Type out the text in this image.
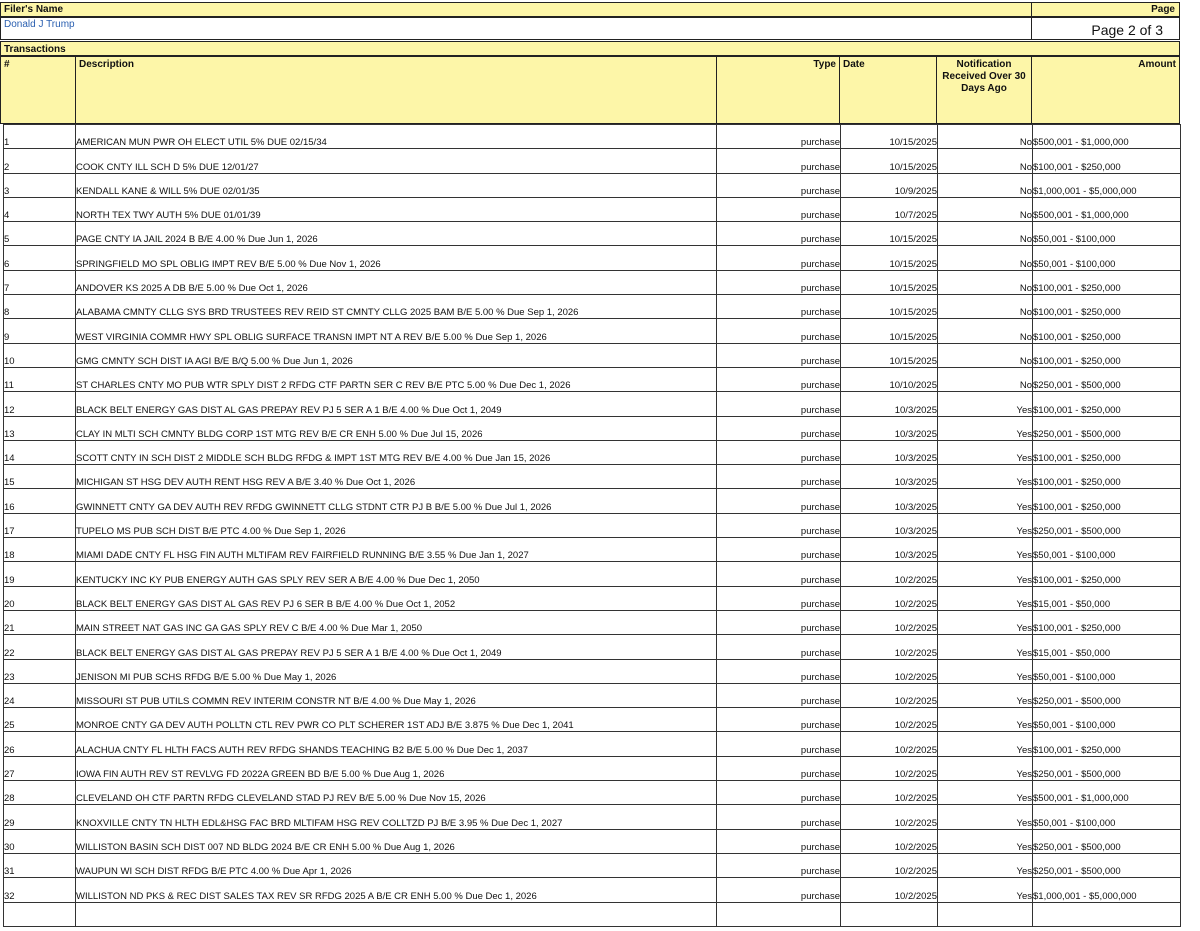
Filer's Name
Donald J Trump
Page
Page 2 of 3
Transactions
#	Description	Type Date	Notification Received Over 30 Days Ago
Amount
1	AMERICAN MUN PWR OH ELECT UTIL 5% DUE 02/15/34	purchase	10/15/2025	No	$500,001 - $1,000,000
2	COOK CNTY ILL SCH D 5% DUE 12/01/27	purchase	10/15/2025	No	$100,001 - $250,000
3	KENDALL KANE & WILL 5% DUE 02/01/35	purchase	10/9/2025	No	$1,000,001 - $5,000,000
4	NORTH TEX TWY AUTH 5% DUE 01/01/39	purchase	10/7/2025	No	$500,001 - $1,000,000
5	PAGE CNTY IA JAIL 2024 B B/E 4.00 % Due Jun 1, 2026	purchase	10/15/2025	No	$50,001 - $100,000
6	SPRINGFIELD MO SPL OBLIG IMPT REV B/E 5.00 % Due Nov 1, 2026	purchase	10/15/2025	No	$50,001 - $100,000
7	ANDOVER KS 2025 A DB B/E 5.00 % Due Oct 1, 2026	purchase	10/15/2025	No	$100,001 - $250,000
8	ALABAMA CMNTY CLLG SYS BRD TRUSTEES REV REID ST CMNTY CLLG 2025 BAM B/E 5.00 % Due Sep 1, 2026	purchase	10/15/2025	No	$100,001 - $250,000
9	WEST VIRGINIA COMMR HWY SPL OBLIG SURFACE TRANSN IMPT NT A REV B/E 5.00 % Due Sep 1, 2026	purchase	10/15/2025	No	$100,001 - $250,000
10	GMG CMNTY SCH DIST IA AGI B/E B/Q 5.00 % Due Jun 1, 2026	purchase	10/15/2025	No	$100,001 - $250,000
11	ST CHARLES CNTY MO PUB WTR SPLY DIST 2 RFDG CTF PARTN SER C REV B/E PTC 5.00 % Due Dec 1, 2026	purchase	10/10/2025	No	$250,001 - $500,000
12	BLACK BELT ENERGY GAS DIST AL GAS PREPAY REV PJ 5 SER A 1 B/E 4.00 % Due Oct 1, 2049	purchase	10/3/2025	Yes	$100,001 - $250,000
13	CLAY IN MLTI SCH CMNTY BLDG CORP 1ST MTG REV B/E CR ENH 5.00 % Due Jul 15, 2026	purchase	10/3/2025	Yes	$250,001 - $500,000
14	SCOTT CNTY IN SCH DIST 2 MIDDLE SCH BLDG RFDG & IMPT 1ST MTG REV B/E 4.00 % Due Jan 15, 2026	purchase	10/3/2025	Yes	$100,001 - $250,000
15	MICHIGAN ST HSG DEV AUTH RENT HSG REV A B/E 3.40 % Due Oct 1, 2026	purchase	10/3/2025	Yes	$100,001 - $250,000
16	GWINNETT CNTY GA DEV AUTH REV RFDG GWINNETT CLLG STDNT CTR PJ B B/E 5.00 % Due Jul 1, 2026	purchase	10/3/2025	Yes	$100,001 - $250,000
17	TUPELO MS PUB SCH DIST B/E PTC 4.00 % Due Sep 1, 2026	purchase	10/3/2025	Yes	$250,001 - $500,000
18	MIAMI DADE CNTY FL HSG FIN AUTH MLTIFAM REV FAIRFIELD RUNNING B/E 3.55 % Due Jan 1, 2027	purchase	10/3/2025	Yes	$50,001 - $100,000
19	KENTUCKY INC KY PUB ENERGY AUTH GAS SPLY REV SER A B/E 4.00 % Due Dec 1, 2050	purchase	10/2/2025	Yes	$100,001 - $250,000
20	BLACK BELT ENERGY GAS DIST AL GAS REV PJ 6 SER B B/E 4.00 % Due Oct 1, 2052	purchase	10/2/2025	Yes	$15,001 - $50,000
21	MAIN STREET NAT GAS INC GA GAS SPLY REV C B/E 4.00 % Due Mar 1, 2050	purchase	10/2/2025	Yes	$100,001 - $250,000
22	BLACK BELT ENERGY GAS DIST AL GAS PREPAY REV PJ 5 SER A 1 B/E 4.00 % Due Oct 1, 2049	purchase	10/2/2025	Yes	$15,001 - $50,000
23	JENISON MI PUB SCHS RFDG B/E 5.00 % Due May 1, 2026	purchase	10/2/2025	Yes	$50,001 - $100,000
24	MISSOURI ST PUB UTILS COMMN REV INTERIM CONSTR NT B/E 4.00 % Due May 1, 2026	purchase	10/2/2025	Yes	$250,001 - $500,000
25	MONROE CNTY GA DEV AUTH POLLTN CTL REV PWR CO PLT SCHERER 1ST ADJ B/E 3.875 % Due Dec 1, 2041	purchase	10/2/2025	Yes	$50,001 - $100,000
26	ALACHUA CNTY FL HLTH FACS AUTH REV RFDG SHANDS TEACHING B2 B/E 5.00 % Due Dec 1, 2037	purchase	10/2/2025	Yes	$100,001 - $250,000
27	IOWA FIN AUTH REV ST REVLVG FD 2022A GREEN BD B/E 5.00 % Due Aug 1, 2026	purchase	10/2/2025	Yes	$250,001 - $500,000
28	CLEVELAND OH CTF PARTN RFDG CLEVELAND STAD PJ REV B/E 5.00 % Due Nov 15, 2026	purchase	10/2/2025	Yes	$500,001 - $1,000,000
29	KNOXVILLE CNTY TN HLTH EDL&HSG FAC BRD MLTIFAM HSG REV COLLTZD PJ B/E 3.95 % Due Dec 1, 2027	purchase	10/2/2025	Yes	$50,001 - $100,000
30	WILLISTON BASIN SCH DIST 007 ND BLDG 2024 B/E CR ENH 5.00 % Due Aug 1, 2026	purchase	10/2/2025	Yes	$250,001 - $500,000
31	WAUPUN WI SCH DIST RFDG B/E PTC 4.00 % Due Apr 1, 2026	purchase	10/2/2025	Yes	$250,001 - $500,000
32	WILLISTON ND PKS & REC DIST SALES TAX REV SR RFDG 2025 A B/E CR ENH 5.00 % Due Dec 1, 2026	purchase	10/2/2025	Yes	$1,000,001 - $5,000,000
